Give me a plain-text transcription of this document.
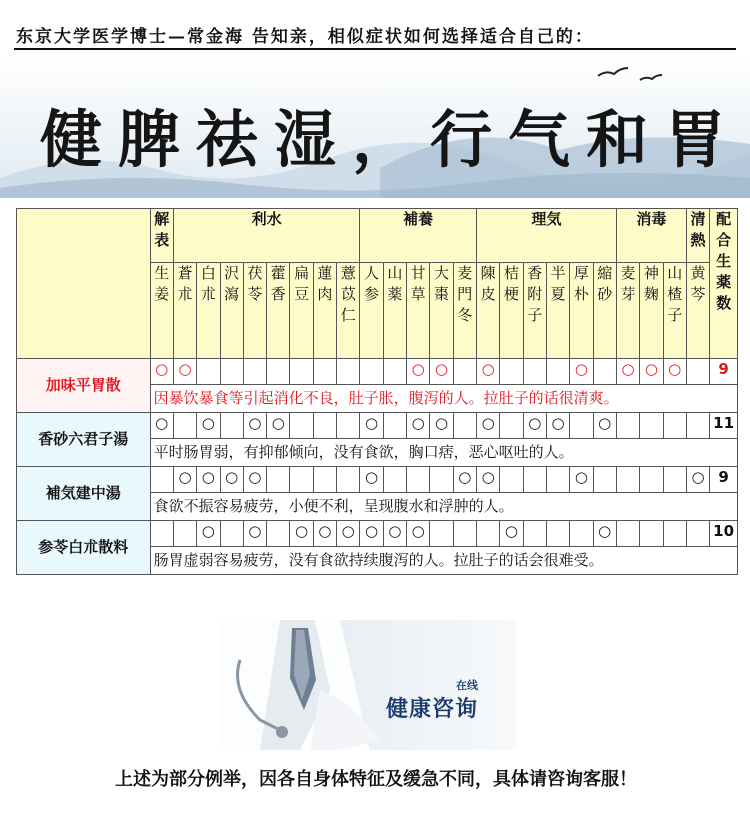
东京大学医学博士—常金海 告知亲，相似症状如何选择适合自己的：
健脾祛湿，行气和胃
	解表	利水								補養					理気						消毒			清熱	配合生薬数
	生姜	蒼朮	白朮	沢瀉	茯苓	藿香	扁豆	蓮肉	薏苡仁	人参	山薬	甘草	大棗	麦門冬	陳皮	桔梗	香附子	半夏	厚朴	縮砂	麦芽	神麹	山楂子	黄芩	
加味平胃散	○	○										○	○		○				○		○	○	○		9
	因暴饮暴食等引起消化不良，肚子胀，腹泻的人。拉肚子的话很清爽。																								
香砂六君子湯	○		○		○	○				○		○	○		○		○	○		○					11
	平时肠胃弱，有抑郁倾向，没有食欲，胸口痞，恶心呕吐的人。																								
補気建中湯		○	○	○	○					○				○	○				○					○	9
	食欲不振容易疲劳，小便不利，呈现腹水和浮肿的人。																								
参苓白朮散料			○		○		○	○	○	○	○	○				○				○					10
	肠胃虚弱容易疲劳，没有食欲持续腹泻的人。拉肚子的话会很难受。																								
在线
健康咨询
上述为部分例举，因各自身体特征及缓急不同，具体请咨询客服！
